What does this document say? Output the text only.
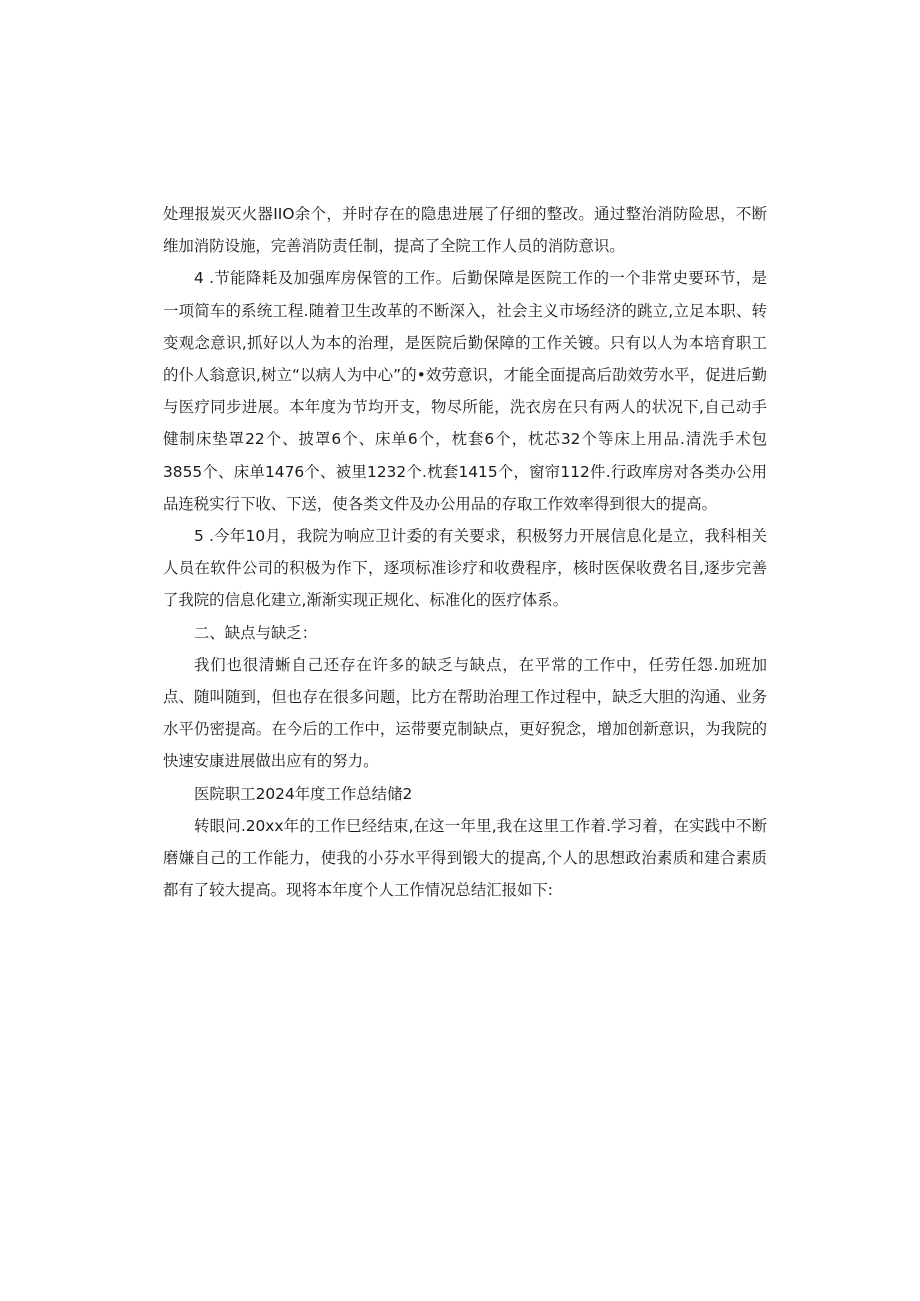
处理报炭灭火器IIO余个，并时存在的隐患进展了仔细的整改。通过整治消防险思，不断维加消防设施，完善消防责任制，提高了全院工作人员的消防意识。

4 .节能降耗及加强库房保管的工作。后勤保障是医院工作的一个非常史要环节，是一项简车的系统工程.随着卫生改革的不断深入，社会主义市场经济的跳立,立足本职、转变观念意识,抓好以人为本的治理，是医院后勤保障的工作关镀。只有以人为本培育职工的仆人翁意识,树立“以病人为中心”的•效劳意识，才能全面提高后劭效劳水平，促进后勤与医疗同步进展。本年度为节均开支，物尽所能，洗衣房在只有两人的状况下,自己动手健制床垫罩22个、披罩6个、床单6个，枕套6个，枕芯32个等床上用品.清洗手术包3855个、床单1476个、被里1232个.枕套1415个，窗帘112件.行政库房对各类办公用品连税实行下收、下送，使各类文件及办公用品的存取工作效率得到很大的提高。

5 .今年10月，我院为响应卫计委的有关要求，积极努力开展信息化是立，我科相关人员在软件公司的积极为作下，逐项标准诊疗和收费程序，核时医保收费名目,逐步完善了我院的信息化建立,渐渐实现正规化、标准化的医疗体系。

二、缺点与缺乏：

我们也很清蜥自己还存在许多的缺乏与缺点，在平常的工作中，任劳任怨.加班加点、随叫随到，但也存在很多问题，比方在帮助治理工作过程中，缺乏大胆的沟通、业务水平仍密提高。在今后的工作中，运带要克制缺点，更好猊念，增加创新意识，为我院的快速安康进展做出应有的努力。

医院职工2024年度工作总结储2

转眼问.20xx年的工作巳经结束,在这一年里,我在这里工作着.学习着，在实践中不断磨嫌自己的工作能力，使我的小芬水平得到锻大的提高,个人的思想政治素质和建合素质都有了较大提高。现将本年度个人工作情况总结汇报如下:
